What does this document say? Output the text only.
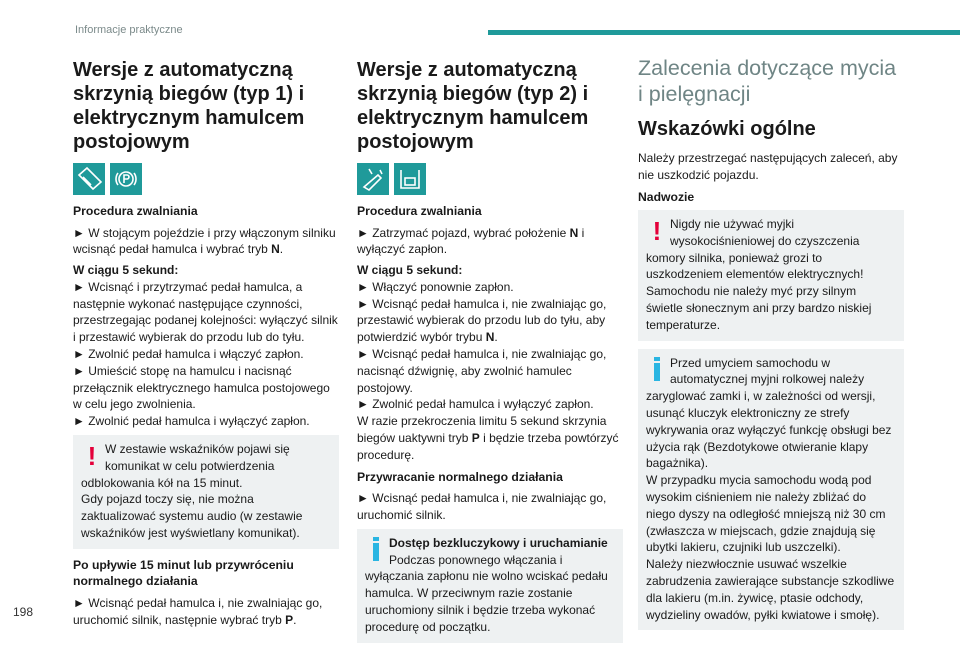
Informacje praktyczne
Wersje z automatyczną skrzynią biegów (typ 1) i elektrycznym hamulcem postojowym
Procedura zwalniania
► W stojącym pojeździe i przy włączonym silniku wcisnąć pedał hamulca i wybrać tryb N.
W ciągu 5 sekund:
► Wcisnąć i przytrzymać pedał hamulca, a następnie wykonać następujące czynności, przestrzegając podanej kolejności: wyłączyć silnik i przestawić wybierak do przodu lub do tyłu.
► Zwolnić pedał hamulca i włączyć zapłon.
► Umieścić stopę na hamulcu i nacisnąć przełącznik elektrycznego hamulca postojowego w celu jego zwolnienia.
► Zwolnić pedał hamulca i wyłączyć zapłon.
! W zestawie wskaźników pojawi się komunikat w celu potwierdzenia odblokowania kół na 15 minut.
Gdy pojazd toczy się, nie można zaktualizować systemu audio (w zestawie wskaźników jest wyświetlany komunikat).
Po upływie 15 minut lub przywróceniu normalnego działania
► Wcisnąć pedał hamulca i, nie zwalniając go, uruchomić silnik, następnie wybrać tryb P.
Wersje z automatyczną skrzynią biegów (typ 2) i elektrycznym hamulcem postojowym
Procedura zwalniania
► Zatrzymać pojazd, wybrać położenie N i wyłączyć zapłon.
W ciągu 5 sekund:
► Włączyć ponownie zapłon.
► Wcisnąć pedał hamulca i, nie zwalniając go, przestawić wybierak do przodu lub do tyłu, aby potwierdzić wybór trybu N.
► Wcisnąć pedał hamulca i, nie zwalniając go, nacisnąć dźwignię, aby zwolnić hamulec postojowy.
► Zwolnić pedał hamulca i wyłączyć zapłon.
W razie przekroczenia limitu 5 sekund skrzynia biegów uaktywni tryb P i będzie trzeba powtórzyć procedurę.
Przywracanie normalnego działania
► Wcisnąć pedał hamulca i, nie zwalniając go, uruchomić silnik.
Dostęp bezkluczykowy i uruchamianie
Podczas ponownego włączania i wyłączania zapłonu nie wolno wciskać pedału hamulca. W przeciwnym razie zostanie uruchomiony silnik i będzie trzeba wykonać procedurę od początku.
Zalecenia dotyczące mycia i pielęgnacji
Wskazówki ogólne
Należy przestrzegać następujących zaleceń, aby nie uszkodzić pojazdu.
Nadwozie
! Nigdy nie używać myjki wysokociśnieniowej do czyszczenia komory silnika, ponieważ grozi to uszkodzeniem elementów elektrycznych!
Samochodu nie należy myć przy silnym świetle słonecznym ani przy bardzo niskiej temperaturze.
Przed umyciem samochodu w automatycznej myjni rolkowej należy zaryglować zamki i, w zależności od wersji, usunąć kluczyk elektroniczny ze strefy wykrywania oraz wyłączyć funkcję obsługi bez użycia rąk (Bezdotykowe otwieranie klapy bagażnika).
W przypadku mycia samochodu wodą pod wysokim ciśnieniem nie należy zbliżać do niego dyszy na odległość mniejszą niż 30 cm (zwłaszcza w miejscach, gdzie znajdują się ubytki lakieru, czujniki lub uszczelki).
Należy niezwłocznie usuwać wszelkie zabrudzenia zawierające substancje szkodliwe dla lakieru (m.in. żywicę, ptasie odchody, wydzieliny owadów, pyłki kwiatowe i smołę).
198
